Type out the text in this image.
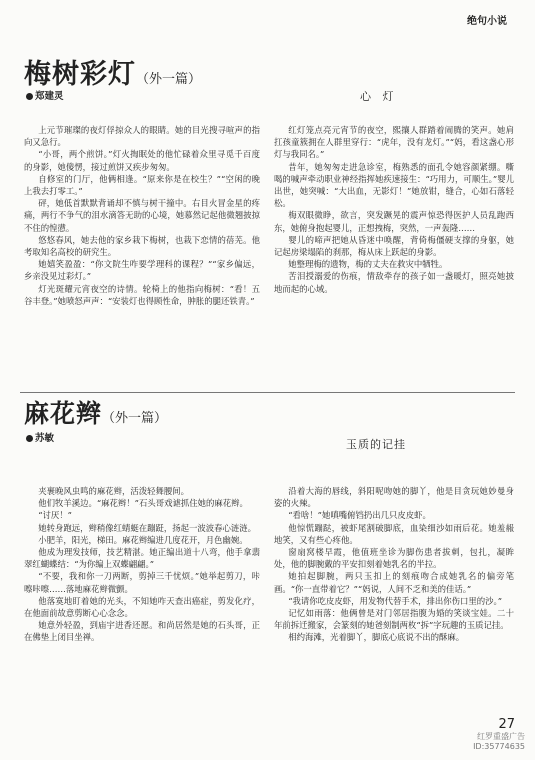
绝句小说
梅树彩灯（外一篇）
郑建灵	心 灯

上元节璀璨的夜灯俘掠众人的眼睛。她的目光搜寻喧声的指向又急行。

“小哥，两个煎饼。”灯火掏眠处的他忙碌着众里寻觅千百度的身影，她傻愣，接过煎饼又疾步匆匆。

自修室的门厅，他俩相逢。“原来你是在校生？”“空闲的晚上我去打零工。”

砰，她低首默默背诵却不慎与树干撞中。右目火冒金星的疼痛，两行不争气的泪水滴答无助的心境，她慕然记起他微翘披掠不住的惶懑。

悠悠春风，她去他的家乡栽下梅树，也栽下恋情的蓓芜。他考取知名高校的研究生。

她嬉笑盈盈：“你文院生咋要学理科的课程？”“家乡偏远，乡亲没见过彩灯。”

灯光斑耀元宵夜空的诗情。轮椅上的他指向梅树：“看！五谷丰登。”她喷怒声声：“安装灯也得顾性命，肿胀的腿还铁青。”

红灯笼点亮元宵节的夜空，熙攘人群踏着闹腾的笑声。她肩扛孩童簇拥在人群里穿行：“虎年，没有龙灯。”“妈，看这盏心形灯与我同名。”

昔年，她匆匆走进急诊室，梅熟悉的面孔令她容颜紧绷。嘶喝的喊声牵动职业神经指挥她疾速接生：“巧用力，可顺生。”婴儿出世，她突喊：“大出血，无影灯！”她放钳，缝合，心如石落轻松。

梅双眼微睁，欲言，突发蹶晃的震声惊恐得医护人员乱跑西东，她俯身抱起婴儿，正想拽梅，突然，一声轰隆……

婴儿的啼声把她从昏迷中唤醒，背倚梅僵硬支撑的身躯，她记起房梁塌陷的刹那，梅从床上跃起的身影。

她整理梅的遗物，梅的丈夫在救灾中牺牲。

苦泪授溺爱的伤痕，情敌牵存的孩子如一盏暖灯，照亮她披地而起的心域。

麻花辫（外一篇）
苏敏	玉质的记挂

夹裹晚风虫鸣的麻花辫，活泼轻舞腰间。

他们牧羊溪边。“麻花辫！”石头哥戏谑抓住她的麻花辫。

“讨厌！”

她转身跑远，辫稍像红蜻蜓在蹦跹，扬起一波波春心涟涟。

小肥羊，阳光，梯田。麻花辫编进几度花开，月色幽婉。

他成为理发技师，技艺精湛。她正编出道十八弯，他手拿翡翠红蝴蝶结：“为你编上双蝶翩翩。”

“不要，我和你一刀两断，剪掉三千忧烦。”她举起剪刀，咔嚓咔嚓……落地麻花辫微颤。

他落寞地盯着她的光头，不知她咋天查出癌症，剪发化疗，在他面前故意剪断心心念念。

她意外轻盈，到庙宇进香还愿。和尚居然是她的石头哥，正在佛垫上闭目坐禅。

沿着大海的唇线，斜阳呢吻她的脚丫，他是目贪玩她妙曼身姿的火辣。

“看啥！”她嗔嘴俯铛扔出几只皮皮虾。

他惊慌蹦跶，被虾尾割破脚底，血染细沙如雨后花。她羞赧地笑，又有些心疼他。

窗扇窝楼早霞，他值班坐诊为脚伤患者拔刺，包扎，凝眸处，他的脚腕戴的平安扣刻着她乳名的半拉。

她拍起脚腕，两只玉扣上的刻痕吻合成她乳名的偏旁笔画。“你一直带着它？”“妈说，人间不乏和美的佳话。”

“我请你吃皮皮虾，用发物代替手术，排出你伤口里的沙。”

记忆如雨落：他俩曾是对门邻居指腹为婚的笑谈宝娃。二十年前拆迁搬家，会篆刻的她爸刻制两枚“拆”字玩趣的玉质记挂。

相约海滩，光着脚丫，脚底心底说不出的酥麻。

27
红罗重盛广告
ID:35774635
